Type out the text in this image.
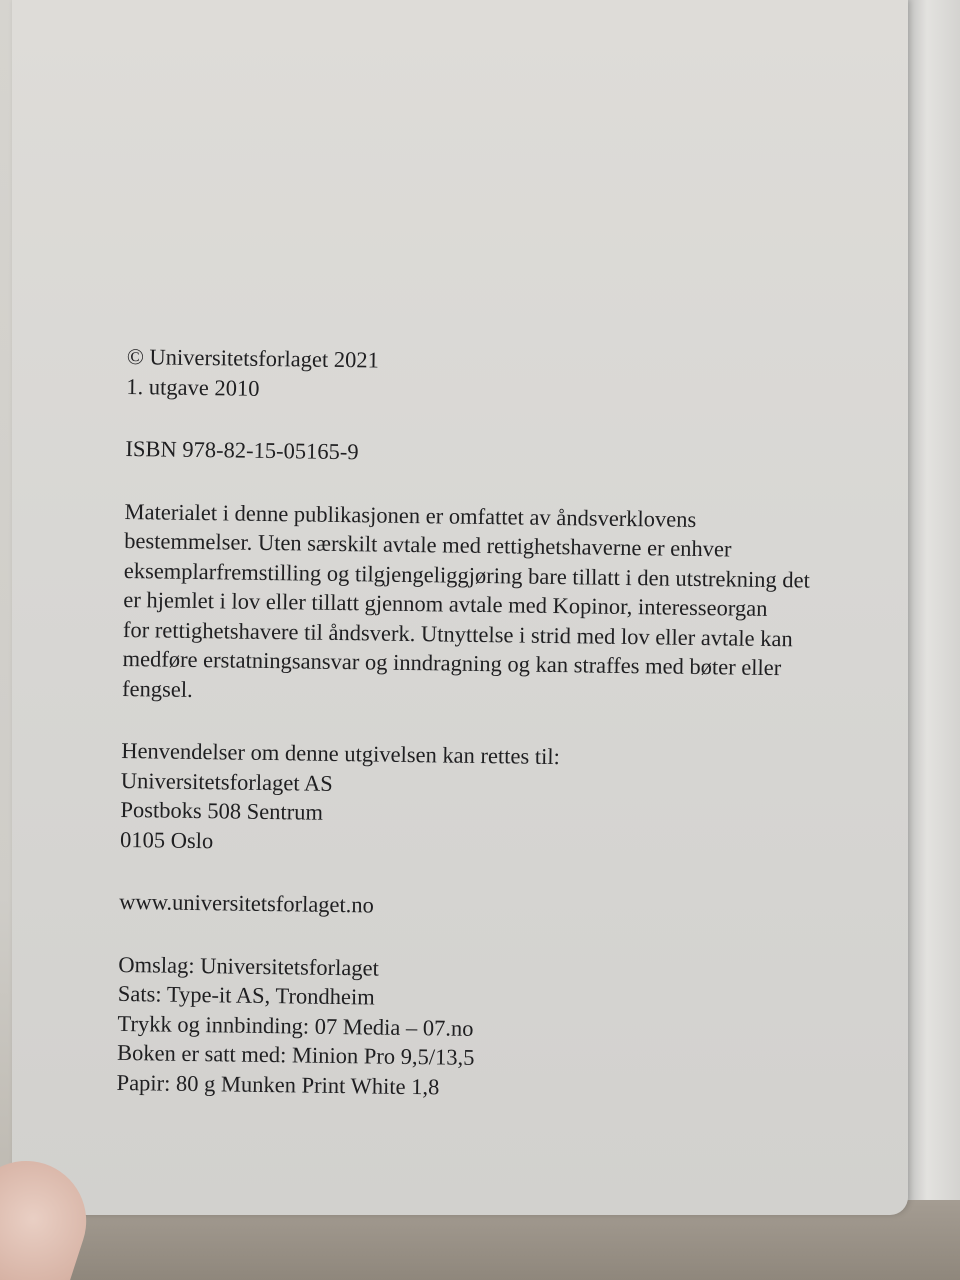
© Universitetsforlaget 2021
1. utgave 2010
ISBN 978-82-15-05165-9
Materialet i denne publikasjonen er omfattet av åndsverklovens
bestemmelser. Uten særskilt avtale med rettighetshaverne er enhver
eksemplarfremstilling og tilgjengeliggjøring bare tillatt i den utstrekning det
er hjemlet i lov eller tillatt gjennom avtale med Kopinor, interesseorgan
for rettighetshavere til åndsverk. Utnyttelse i strid med lov eller avtale kan
medføre erstatningsansvar og inndragning og kan straffes med bøter eller
fengsel.
Henvendelser om denne utgivelsen kan rettes til:
Universitetsforlaget AS
Postboks 508 Sentrum
0105 Oslo
www.universitetsforlaget.no
Omslag: Universitetsforlaget
Sats: Type-it AS, Trondheim
Trykk og innbinding: 07 Media – 07.no
Boken er satt med: Minion Pro 9,5/13,5
Papir: 80 g Munken Print White 1,8
